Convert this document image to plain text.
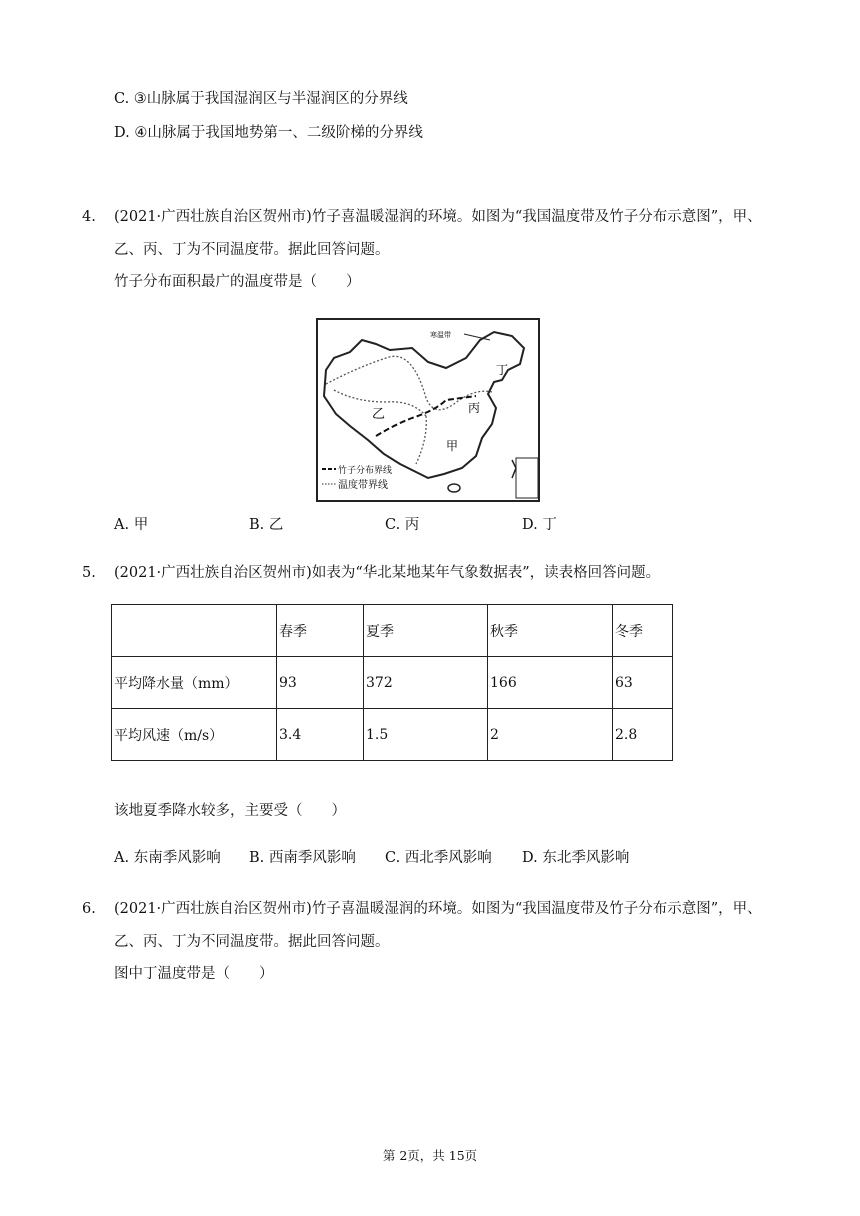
C. ③山脉属于我国湿润区与半湿润区的分界线
D. ④山脉属于我国地势第一、二级阶梯的分界线
4. (2021·广西壮族自治区贺州市)竹子喜温暖湿润的环境。如图为“我国温度带及竹子分布示意图”，甲、
乙、丙、丁为不同温度带。据此回答问题。
竹子分布面积最广的温度带是（　　）
寒温带
丁
丙
乙
甲
竹子分布界线
温度带界线
A. 甲	B. 乙	C. 丙	D. 丁
5. (2021·广西壮族自治区贺州市)如表为“华北某地某年气象数据表”，读表格回答问题。
	春季	夏季	秋季	冬季
平均降水量（mm）	93	372	166	63
平均风速（m/s）	3.4	1.5	2	2.8
该地夏季降水较多，主要受（　　）
A. 东南季风影响 B. 西南季风影响 C. 西北季风影响 D. 东北季风影响
6. (2021·广西壮族自治区贺州市)竹子喜温暖湿润的环境。如图为“我国温度带及竹子分布示意图”，甲、
乙、丙、丁为不同温度带。据此回答问题。
图中丁温度带是（　　）
第 2页，共 15页
